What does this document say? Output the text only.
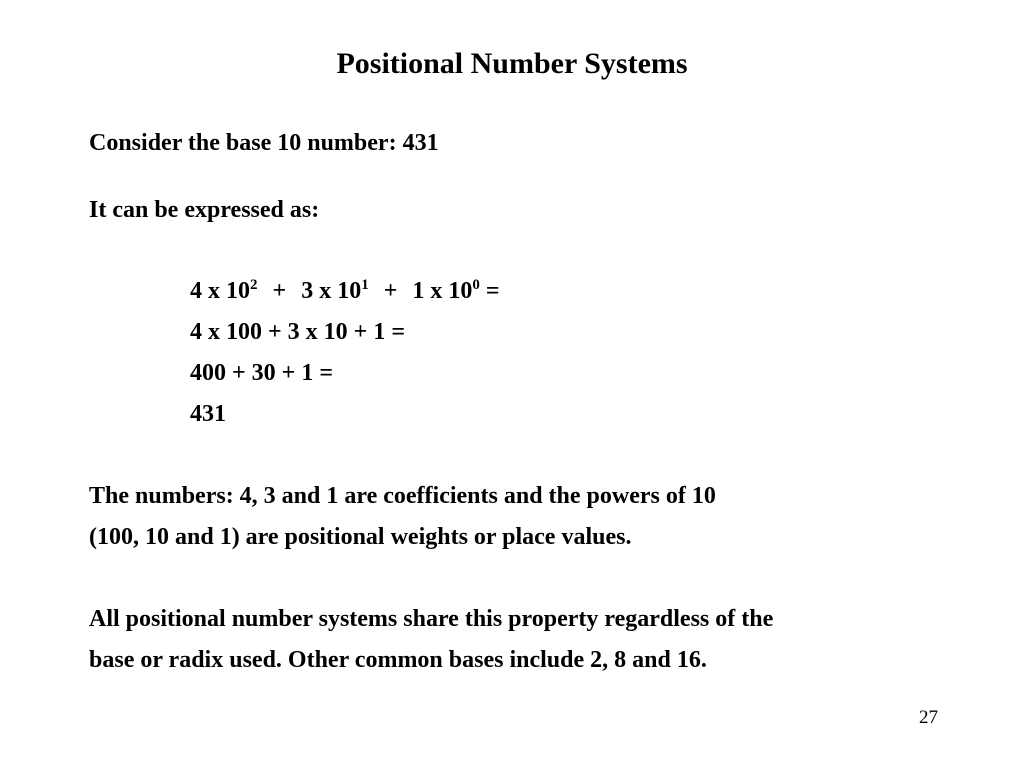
Positional Number Systems
Consider the base 10 number: 431
It can be expressed as:
4 x $10^2 + 3$ x $10^1 + 1$ x $10^0$ =
4 x 100 + 3 x 10 + 1 =
400 + 30 + 1 =
431
The numbers: 4, 3 and 1 are coefficients and the powers of 10
(100, 10 and 1) are positional weights or place values.
All positional number systems share this property regardless of the
base or radix used. Other common bases include 2, 8 and 16.
27
